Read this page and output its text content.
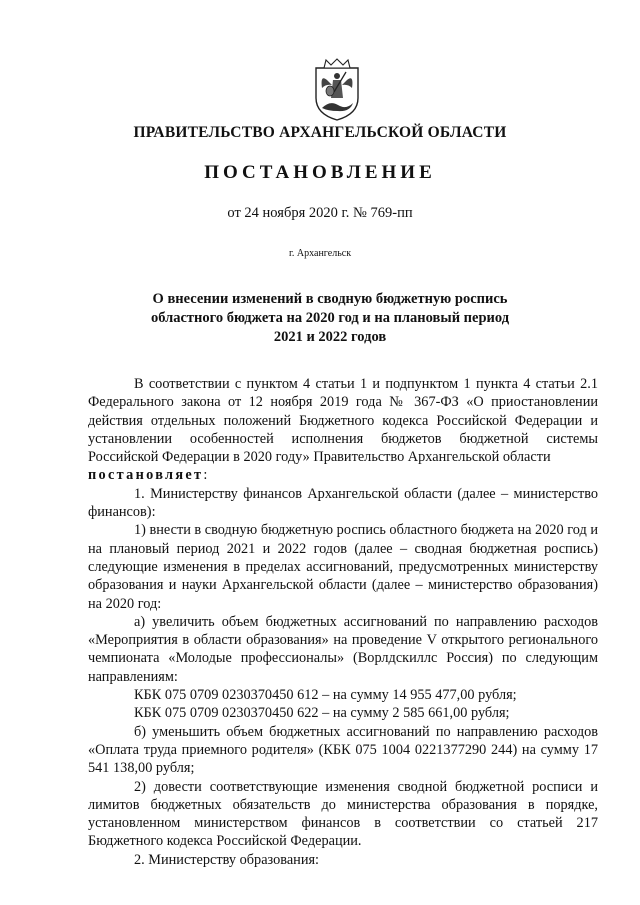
ПРАВИТЕЛЬСТВО АРХАНГЕЛЬСКОЙ ОБЛАСТИ
ПОСТАНОВЛЕНИЕ
от 24 ноября 2020 г. № 769-пп
г. Архангельск
О внесении изменений в сводную бюджетную роспись
областного бюджета на 2020 год и на плановый период
2021 и 2022 годов

В соответствии с пунктом 4 статьи 1 и подпунктом 1 пункта 4 статьи 2.1 Федерального закона от 12 ноября 2019 года № 367-ФЗ «О приостановлении действия отдельных положений Бюджетного кодекса Российской Федерации и установлении особенностей исполнения бюджетов бюджетной системы Российской Федерации в 2020 году» Правительство Архангельской области
постановляет:

1. Министерству финансов Архангельской области (далее – министерство финансов):

1) внести в сводную бюджетную роспись областного бюджета на 2020 год и на плановый период 2021 и 2022 годов (далее – сводная бюджетная роспись) следующие изменения в пределах ассигнований, предусмотренных министерству образования и науки Архангельской области (далее – министерство образования) на 2020 год:

а) увеличить объем бюджетных ассигнований по направлению расходов «Мероприятия в области образования» на проведение V открытого регионального чемпионата «Молодые профессионалы» (Ворлдскиллс Россия) по следующим направлениям:

КБК 075 0709 0230370450 612 – на сумму 14 955 477,00 рубля;

КБК 075 0709 0230370450 622 – на сумму 2 585 661,00 рубля;

б) уменьшить объем бюджетных ассигнований по направлению расходов «Оплата труда приемного родителя» (КБК 075 1004 0221377290 244) на сумму 17 541 138,00 рубля;

2) довести соответствующие изменения сводной бюджетной росписи и лимитов бюджетных обязательств до министерства образования в порядке, установленном министерством финансов в соответствии со статьей 217 Бюджетного кодекса Российской Федерации.

2. Министерству образования:
